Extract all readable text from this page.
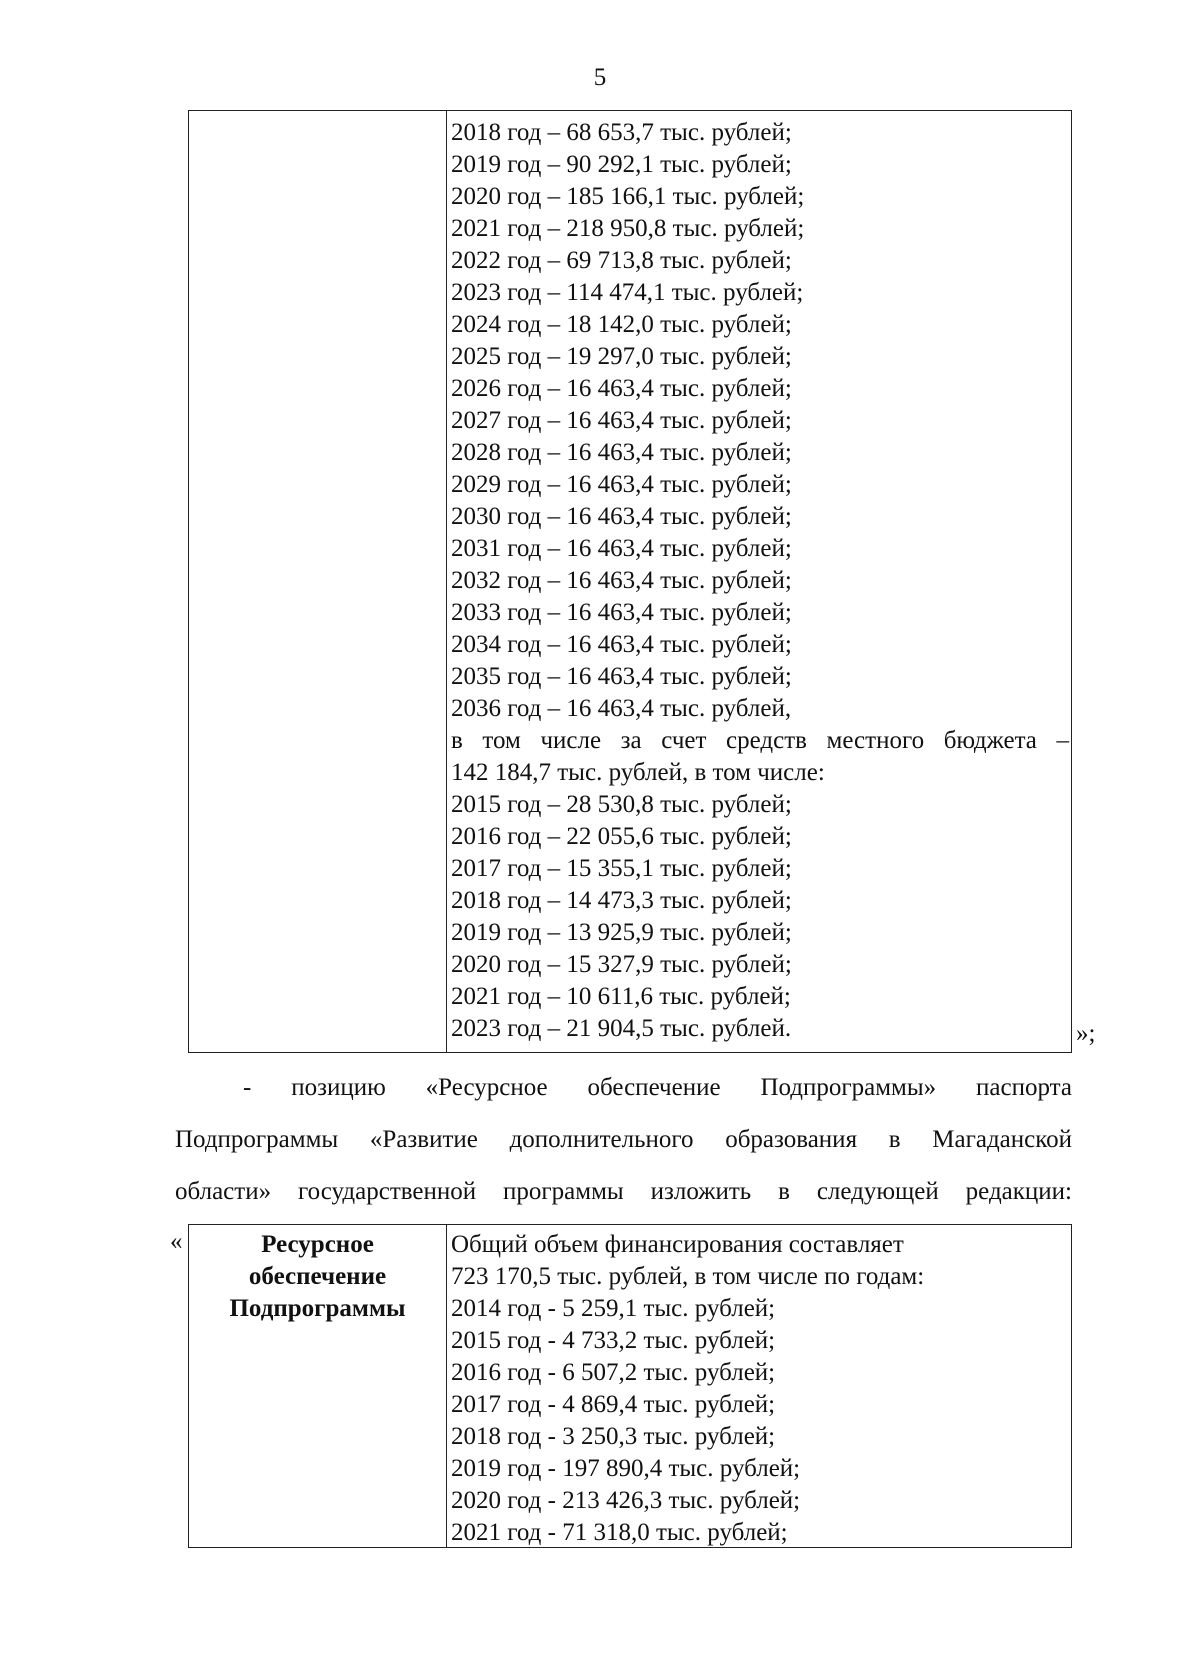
5
2018 год – 68 653,7 тыс. рублей;
2019 год – 90 292,1 тыс. рублей;
2020 год – 185 166,1 тыс. рублей;
2021 год – 218 950,8 тыс. рублей;
2022 год – 69 713,8 тыс. рублей;
2023 год – 114 474,1 тыс. рублей;
2024 год – 18 142,0 тыс. рублей;
2025 год – 19 297,0 тыс. рублей;
2026 год – 16 463,4 тыс. рублей;
2027 год – 16 463,4 тыс. рублей;
2028 год – 16 463,4 тыс. рублей;
2029 год – 16 463,4 тыс. рублей;
2030 год – 16 463,4 тыс. рублей;
2031 год – 16 463,4 тыс. рублей;
2032 год – 16 463,4 тыс. рублей;
2033 год – 16 463,4 тыс. рублей;
2034 год – 16 463,4 тыс. рублей;
2035 год – 16 463,4 тыс. рублей;
2036 год – 16 463,4 тыс. рублей,
в том числе за счет средств местного бюджета –
142 184,7 тыс. рублей, в том числе:
2015 год – 28 530,8 тыс. рублей;
2016 год – 22 055,6 тыс. рублей;
2017 год – 15 355,1 тыс. рублей;
2018 год – 14 473,3 тыс. рублей;
2019 год – 13 925,9 тыс. рублей;
2020 год – 15 327,9 тыс. рублей;
2021 год – 10 611,6 тыс. рублей;
2023 год – 21 904,5 тыс. рублей.	»;
- позицию «Ресурсное обеспечение Подпрограммы» паспорта
Подпрограммы «Развитие дополнительного образования в Магаданской
области» государственной программы изложить в следующей редакции:
«	Ресурсное
обеспечение
Подпрограммы
Общий объем финансирования составляет
723 170,5 тыс. рублей, в том числе по годам:
2014 год - 5 259,1 тыс. рублей;
2015 год - 4 733,2 тыс. рублей;
2016 год - 6 507,2 тыс. рублей;
2017 год - 4 869,4 тыс. рублей;
2018 год - 3 250,3 тыс. рублей;
2019 год - 197 890,4 тыс. рублей;
2020 год - 213 426,3 тыс. рублей;
2021 год - 71 318,0 тыс. рублей;
